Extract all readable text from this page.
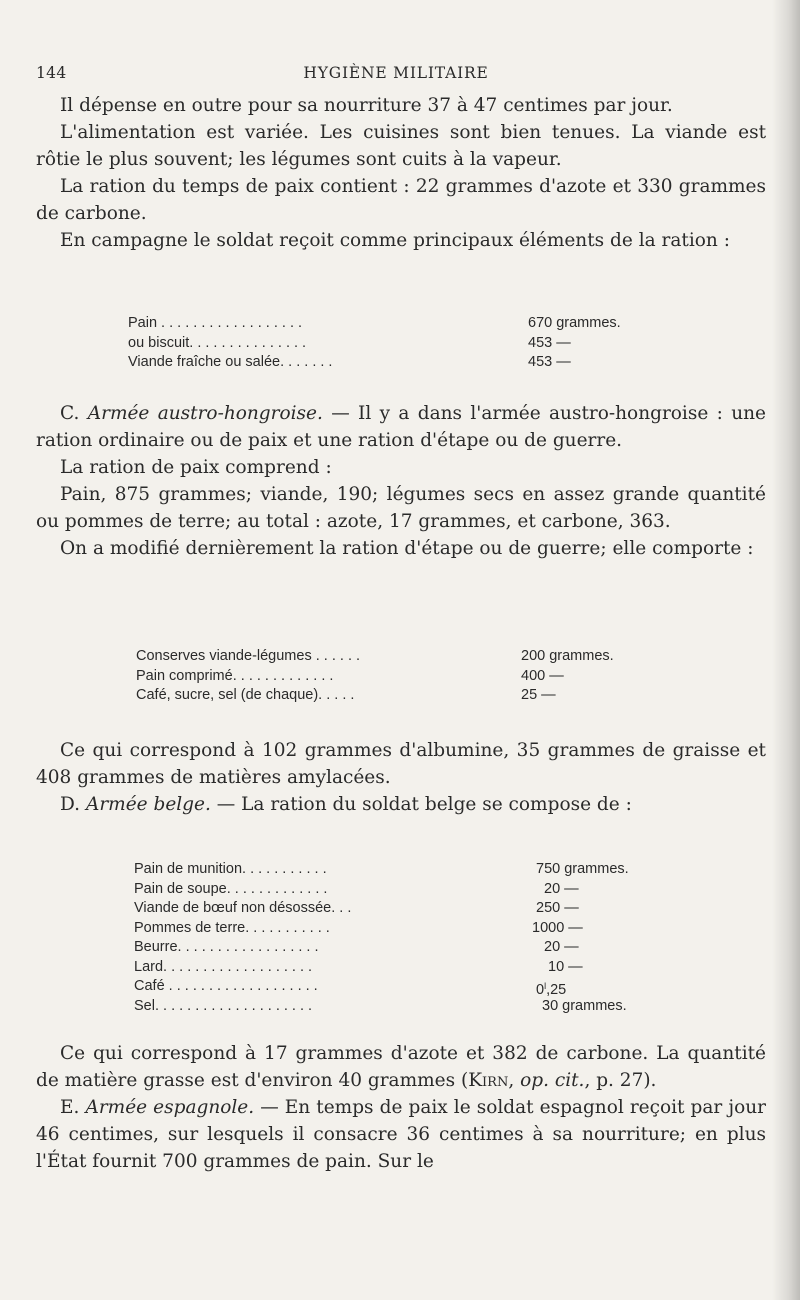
144	HYGIÈNE MILITAIRE

Il dépense en outre pour sa nourriture 37 à 47 centimes par jour.

L'alimentation est variée. Les cuisines sont bien tenues. La viande est rôtie le plus souvent; les légumes sont cuits à la vapeur.

La ration du temps de paix contient : 22 grammes d'azote et 330 grammes de carbone.

En campagne le soldat reçoit comme principaux éléments de la ration :

Pain . . . . . . . . . . . . . . . . . .	670 grammes.
ou biscuit. . . . . . . . . . . . . . .	453 —
Viande fraîche ou salée. . . . . . .	453 —

C. Armée austro-hongroise. — Il y a dans l'armée austro-hongroise : une ration ordinaire ou de paix et une ration d'étape ou de guerre.

La ration de paix comprend :

Pain, 875 grammes; viande, 190; légumes secs en assez grande quantité ou pommes de terre; au total : azote, 17 grammes, et carbone, 363.

On a modifié dernièrement la ration d'étape ou de guerre; elle comporte :

Conserves viande-légumes . . . . . .	200 grammes.
Pain comprimé. . . . . . . . . . . . .	400 —
Café, sucre, sel (de chaque). . . . .	25 —

Ce qui correspond à 102 grammes d'albumine, 35 grammes de graisse et 408 grammes de matières amylacées.

D. Armée belge. — La ration du soldat belge se compose de :

Pain de munition. . . . . . . . . . .	750 grammes.
Pain de soupe. . . . . . . . . . . . .	20 —
Viande de bœuf non désossée. . .	250 —
Pommes de terre. . . . . . . . . . .	1000 —
Beurre. . . . . . . . . . . . . . . . . .	20 —
Lard. . . . . . . . . . . . . . . . . . .	10 —
Café . . . . . . . . . . . . . . . . . . .	0$^l$,25
Sel. . . . . . . . . . . . . . . . . . . .	30 grammes.

Ce qui correspond à 17 grammes d'azote et 382 de carbone. La quantité de matière grasse est d'environ 40 grammes (Kirn, op. cit., p. 27).

E. Armée espagnole. — En temps de paix le soldat espagnol reçoit par jour 46 centimes, sur lesquels il consacre 36 centimes à sa nourriture; en plus l'État fournit 700 grammes de pain. Sur le
